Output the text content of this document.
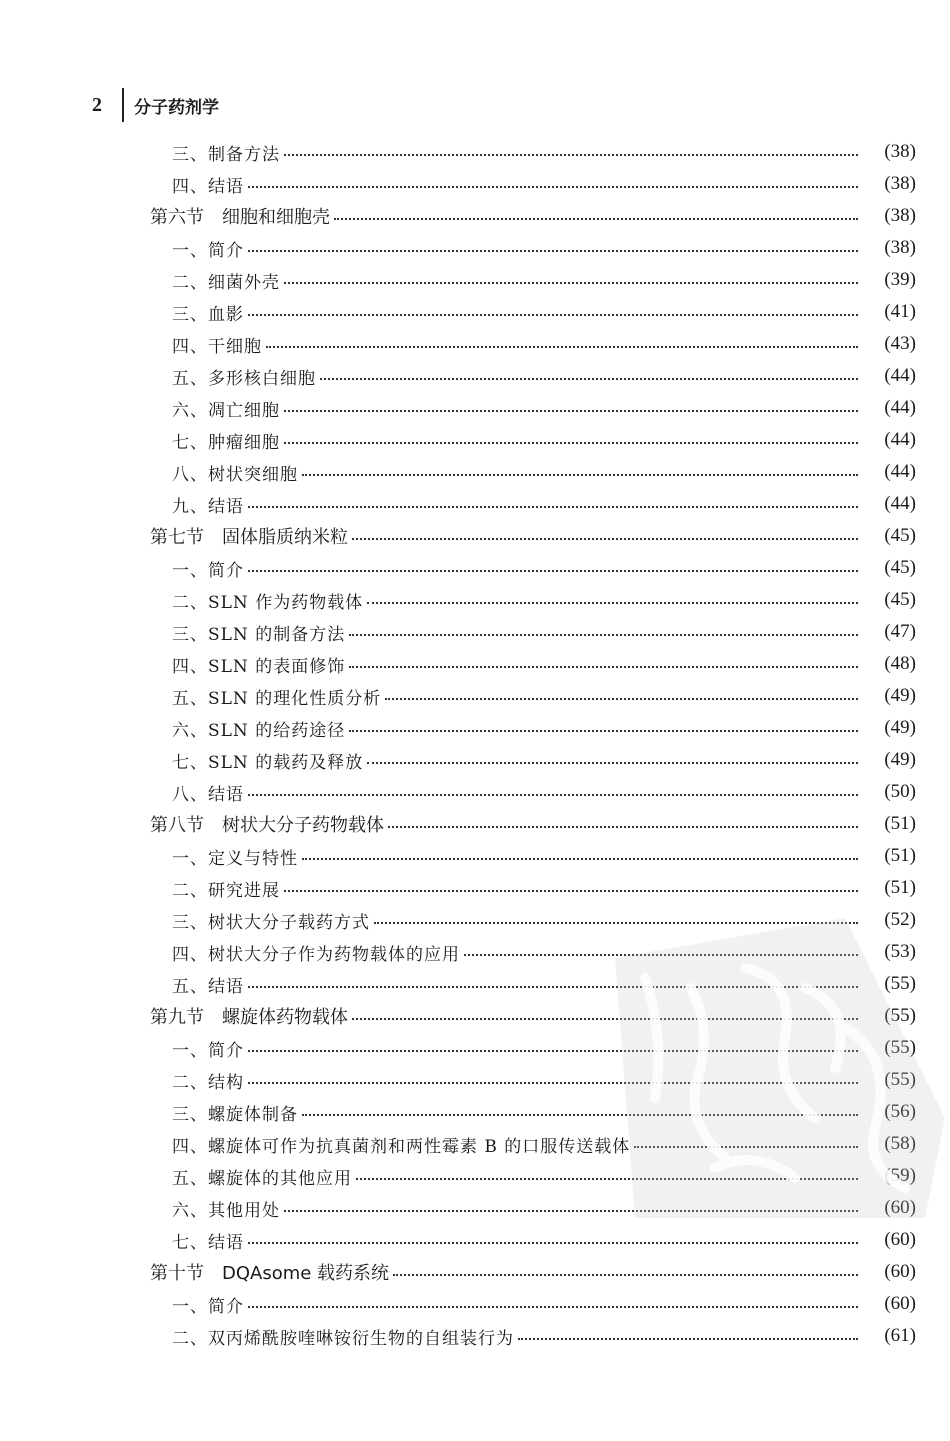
2	分子药剂学
三、制备方法	(38)
四、结语	(38)
第六节　细胞和细胞壳	(38)
一、简介	(38)
二、细菌外壳	(39)
三、血影	(41)
四、干细胞	(43)
五、多形核白细胞	(44)
六、凋亡细胞	(44)
七、肿瘤细胞	(44)
八、树状突细胞	(44)
九、结语	(44)
第七节　固体脂质纳米粒	(45)
一、简介	(45)
二、SLN 作为药物载体	(45)
三、SLN 的制备方法	(47)
四、SLN 的表面修饰	(48)
五、SLN 的理化性质分析	(49)
六、SLN 的给药途径	(49)
七、SLN 的载药及释放	(49)
八、结语	(50)
第八节　树状大分子药物载体	(51)
一、定义与特性	(51)
二、研究进展	(51)
三、树状大分子载药方式	(52)
四、树状大分子作为药物载体的应用	(53)
五、结语	(55)
第九节　螺旋体药物载体	(55)
一、简介	(55)
二、结构	(55)
三、螺旋体制备	(56)
四、螺旋体可作为抗真菌剂和两性霉素 B 的口服传送载体	(58)
五、螺旋体的其他应用	(59)
六、其他用处	(60)
七、结语	(60)
第十节　DQAsome 载药系统	(60)
一、简介	(60)
二、双丙烯酰胺喹啉铵衍生物的自组装行为	(61)
